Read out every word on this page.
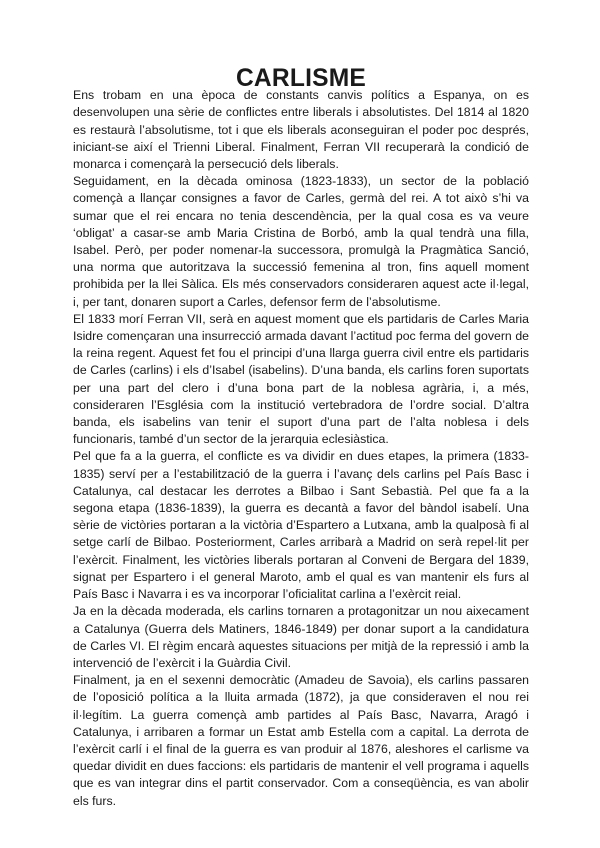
CARLISME

Ens trobam en una època de constants canvis polítics a Espanya, on es desenvolupen una sèrie de conflictes entre liberals i absolutistes. Del 1814 al 1820 es restaurà l’absolutisme, tot i que els liberals aconseguiran el poder poc després, iniciant-se així el Trienni Liberal. Finalment, Ferran VII recuperarà la condició de monarca i començarà la persecució dels liberals.

Seguidament, en la dècada ominosa (1823-1833), un sector de la població començà a llançar consignes a favor de Carles, germà del rei. A tot això s’hi va sumar que el rei encara no tenia descendència, per la qual cosa es va veure ‘obligat’ a casar-se amb Maria Cristina de Borbó, amb la qual tendrà una filla, Isabel. Però, per poder nomenar-la successora, promulgà la Pragmàtica Sanció, una norma que autoritzava la successió femenina al tron, fins aquell moment prohibida per la llei Sàlica. Els més conservadors consideraren aquest acte il·legal, i, per tant, donaren suport a Carles, defensor ferm de l’absolutisme.

El 1833 morí Ferran VII, serà en aquest moment que els partidaris de Carles Maria Isidre començaran una insurrecció armada davant l’actitud poc ferma del govern de la reina regent. Aquest fet fou el principi d’una llarga guerra civil entre els partidaris de Carles (carlins) i els d’Isabel (isabelins). D’una banda, els carlins foren suportats per una part del clero i d’una bona part de la noblesa agrària, i, a més, consideraren l’Església com la institució vertebradora de l’ordre social. D’altra banda, els isabelins van tenir el suport d’una part de l’alta noblesa i dels funcionaris, també d’un sector de la jerarquia eclesiàstica.

Pel que fa a la guerra, el conflicte es va dividir en dues etapes, la primera (1833-1835) serví per a l’estabilització de la guerra i l’avanç dels carlins pel País Basc i Catalunya, cal destacar les derrotes a Bilbao i Sant Sebastià. Pel que fa a la segona etapa (1836-1839), la guerra es decantà a favor del bàndol isabelí. Una sèrie de victòries portaran a la victòria d’Espartero a Lutxana, amb la qualposà fi al setge carlí de Bilbao. Posteriorment, Carles arribarà a Madrid on serà repel·lit per l’exèrcit. Finalment, les victòries liberals portaran al Conveni de Bergara del 1839, signat per Espartero i el general Maroto, amb el qual es van mantenir els furs al País Basc i Navarra i es va incorporar l’oficialitat carlina a l’exèrcit reial.

Ja en la dècada moderada, els carlins tornaren a protagonitzar un nou aixecament a Catalunya (Guerra dels Matiners, 1846-1849) per donar suport a la candidatura de Carles VI. El règim encarà aquestes situacions per mitjà de la repressió i amb la intervenció de l’exèrcit i la Guàrdia Civil.

Finalment, ja en el sexenni democràtic (Amadeu de Savoia), els carlins passaren de l’oposició política a la lluita armada (1872), ja que consideraven el nou rei il·legítim. La guerra començà amb partides al País Basc, Navarra, Aragó i Catalunya, i arribaren a formar un Estat amb Estella com a capital. La derrota de l’exèrcit carlí i el final de la guerra es van produir al 1876, aleshores el carlisme va quedar dividit en dues faccions: els partidaris de mantenir el vell programa i aquells que es van integrar dins el partit conservador. Com a conseqüència, es van abolir els furs.
